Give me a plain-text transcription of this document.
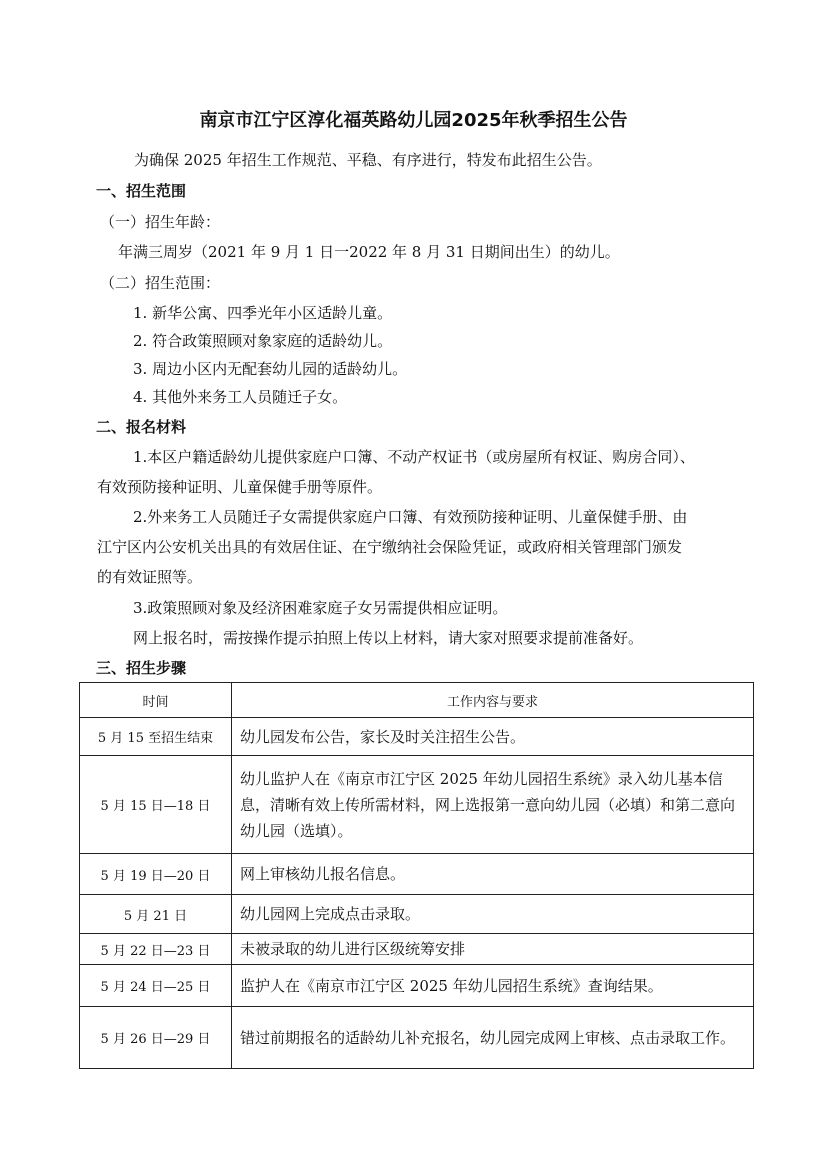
南京市江宁区淳化福英路幼儿园2025年秋季招生公告
为确保 2025 年招生工作规范、平稳、有序进行，特发布此招生公告。
一、招生范围
（一）招生年龄：
年满三周岁（2021 年 9 月 1 日一2022 年 8 月 31 日期间出生）的幼儿。
（二）招生范围：
1. 新华公寓、四季光年小区适龄儿童。
2. 符合政策照顾对象家庭的适龄幼儿。
3. 周边小区内无配套幼儿园的适龄幼儿。
4. 其他外来务工人员随迁子女。
二、报名材料
1.本区户籍适龄幼儿提供家庭户口簿、不动产权证书（或房屋所有权证、购房合同）、
有效预防接种证明、儿童保健手册等原件。
2.外来务工人员随迁子女需提供家庭户口簿、有效预防接种证明、儿童保健手册、由
江宁区内公安机关出具的有效居住证、在宁缴纳社会保险凭证，或政府相关管理部门颁发
的有效证照等。
3.政策照顾对象及经济困难家庭子女另需提供相应证明。
网上报名时，需按操作提示拍照上传以上材料，请大家对照要求提前准备好。
三、招生步骤
时间	工作内容与要求
5 月 15 至招生结束	幼儿园发布公告，家长及时关注招生公告。
5 月 15 日—18 日	幼儿监护人在《南京市江宁区 2025 年幼儿园招生系统》录入幼儿基本信息，清晰有效上传所需材料，网上选报第一意向幼儿园（必填）和第二意向幼儿园（选填）。
5 月 19 日—20 日	网上审核幼儿报名信息。
5 月 21 日	幼儿园网上完成点击录取。
5 月 22 日—23 日	未被录取的幼儿进行区级统筹安排
5 月 24 日—25 日	监护人在《南京市江宁区 2025 年幼儿园招生系统》查询结果。
5 月 26 日—29 日	错过前期报名的适龄幼儿补充报名，幼儿园完成网上审核、点击录取工作。
